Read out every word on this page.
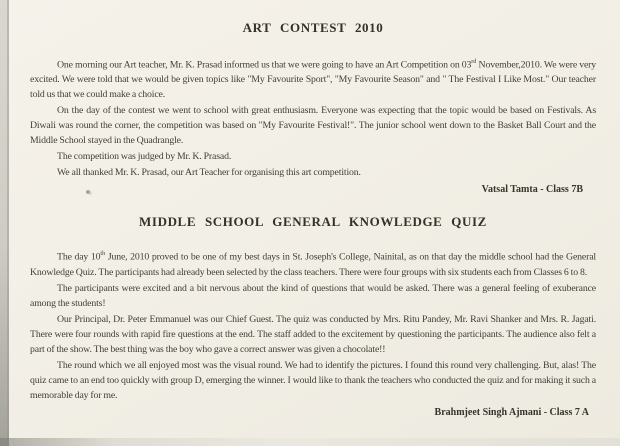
ART CONTEST 2010

One morning our Art teacher, Mr. K. Prasad informed us that we were going to have an Art Competition on 03rd November,2010. We were very excited. We were told that we would be given topics like "My Favourite Sport", "My Favourite Season" and " The Festival I Like Most." Our teacher told us that we could make a choice.

On the day of the contest we went to school with great enthusiasm. Everyone was expecting that the topic would be based on Festivals. As Diwali was round the corner, the competition was based on "My Favourite Festival!". The junior school went down to the Basket Ball Court and the Middle School stayed in the Quadrangle.

The competition was judged by Mr. K. Prasad.

We all thanked Mr. K. Prasad, our Art Teacher for organising this art competition.

Vatsal Tamta - Class 7B
MIDDLE SCHOOL GENERAL KNOWLEDGE QUIZ

The day 10th June, 2010 proved to be one of my best days in St. Joseph's College, Nainital, as on that day the middle school had the General Knowledge Quiz. The participants had already been selected by the class teachers. There were four groups with six students each from Classes 6 to 8.

The participants were excited and a bit nervous about the kind of questions that would be asked. There was a general feeling of exuberance among the students!

Our Principal, Dr. Peter Emmanuel was our Chief Guest. The quiz was conducted by Mrs. Ritu Pandey, Mr. Ravi Shanker and Mrs. R. Jagati. There were four rounds with rapid fire questions at the end. The staff added to the excitement by questioning the participants. The audience also felt a part of the show. The best thing was the boy who gave a correct answer was given a chocolate!!

The round which we all enjoyed most was the visual round. We had to identify the pictures. I found this round very challenging. But, alas! The quiz came to an end too quickly with group D, emerging the winner. I would like to thank the teachers who conducted the quiz and for making it such a memorable day for me.

Brahmjeet Singh Ajmani - Class 7 A
